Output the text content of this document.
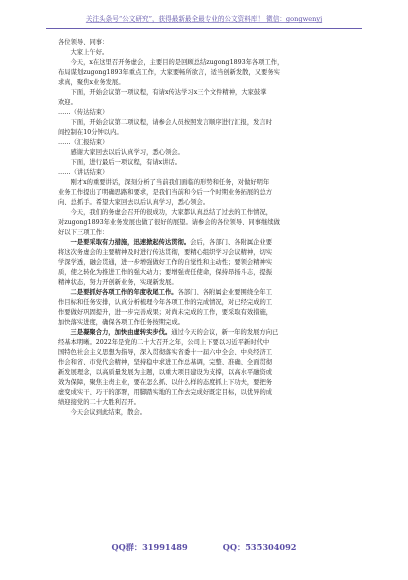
关注头条号“公文研究”，获得最新最全最专业的公文资料库！ 微信：gongwenyj

各位领导、同事：

大家上午好。

今天，x在这里召开务虚会，主要目的是回顾总结zugong1893年各项工作，

布局谋划zugong1893年重点工作，大家要畅所欲言，适当创新发散，又要务实

求真，聚焦x业务发展。

下面，开始会议第一项议程，有请x传达学习x三个文件精神，大家鼓掌

欢迎。

……（传达结束）

下面，开始会议第二项议程，请参会人员按照发言顺序进行汇报，发言时

间控制在10分钟以内。

……（汇报结束）

感谢大家回去以后认真学习，悉心领会。

下面，进行最后一项议程，有请x讲话。

……（讲话结束）

刚才x的重要讲话，深刻分析了当前我们面临的形势和任务，对做好明年

业务工作提出了明确思路和要求，是我们当前和今后一个时期业务拓展的总方

向、总抓手。希望大家回去以后认真学习，悉心领会。

今天，我们的务虚会召开的很成功，大家都认真总结了过去的工作情况，

对zugong1893年业务发展也做了很好的展望。请参会的各位领导、同事继续做

好以下三项工作：

一是要采取有力措施，迅速掀起传达贯彻。会后，各部门、各附属企业要

将这次务虚会的主要精神及时进行传达贯彻，要精心组织学习会议精神，切实

学深学透，融会贯通，进一步增强做好工作的自觉性和主动性；要领会精神实

质，使之转化为推进工作的强大动力；要增强责任使命，保持昂扬斗志，提振

精神状态，努力开创新业务，实现新发展。

二是要抓好各项工作的年度收尾工作。各部门、各附属企业要围绕全年工

作目标和任务安排，认真分析梳理今年各项工作的完成情况，对已经完成的工

作要做好巩固提升，进一步完善成果；对尚未完成的工作，要采取有效措施，

加快落实进度，确保各项工作任务按期完成。

三是凝聚合力，加快由虚转实步伐。通过今天的会议，新一年的发展方向已

经基本明晰。2022年是党的二十大召开之年，公司上下要以习近平新时代中

国特色社会主义思想为指导，深入贯彻落实省委十一届六中全会、中央经济工

作会和省、市党代会精神，坚持稳中求进工作总基调，完整、准确、全面贯彻

新发展理念，以高质量发展为主题，以重大项目建设为支撑，以高水平融资或

效为保障，聚焦主责主业，要在怎么抓、以什么样的态度抓上下功夫，要把务

虚变成实干、巧干的部署，用脚踏实地的工作去完成好既定目标，以优异的成

绩迎接党的二十大胜利召开。

今天会议到此结束，散会。

QQ群：31991489	QQ：535304092
